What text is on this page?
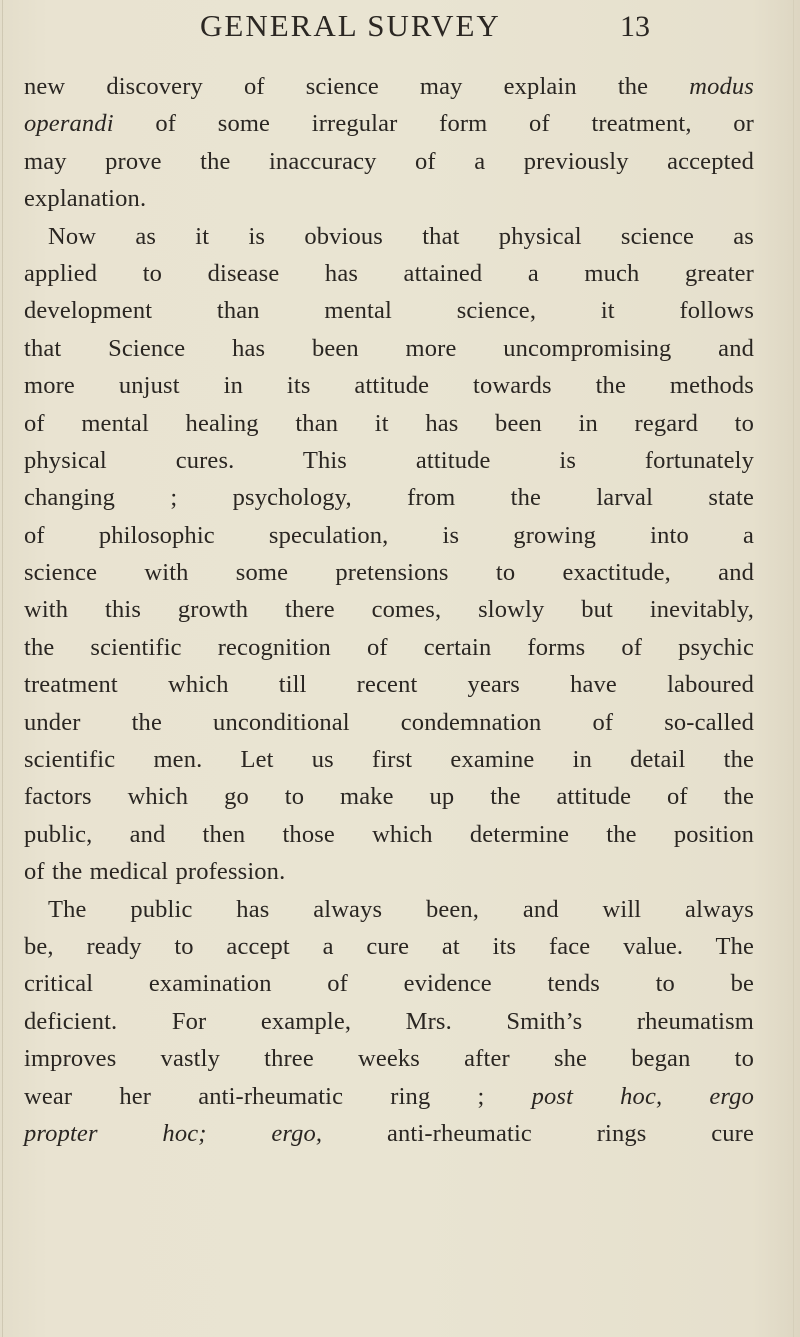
GENERAL SURVEY	13
new discovery of science may explain the modus
operandi of some irregular form of treatment, or
may prove the inaccuracy of a previously accepted
explanation.
Now as it is obvious that physical science as
applied to disease has attained a much greater
development than mental science, it follows
that Science has been more uncompromising and
more unjust in its attitude towards the methods
of mental healing than it has been in regard to
physical cures. This attitude is fortunately
changing ; psychology, from the larval state
of philosophic speculation, is growing into a
science with some pretensions to exactitude, and
with this growth there comes, slowly but inevitably,
the scientific recognition of certain forms of psychic
treatment which till recent years have laboured
under the unconditional condemnation of so-called
scientific men. Let us first examine in detail the
factors which go to make up the attitude of the
public, and then those which determine the position
of the medical profession.
The public has always been, and will always
be, ready to accept a cure at its face value. The
critical examination of evidence tends to be
deficient. For example, Mrs. Smith’s rheumatism
improves vastly three weeks after she began to
wear her anti-rheumatic ring ; post hoc, ergo
propter hoc; ergo, anti-rheumatic rings cure
